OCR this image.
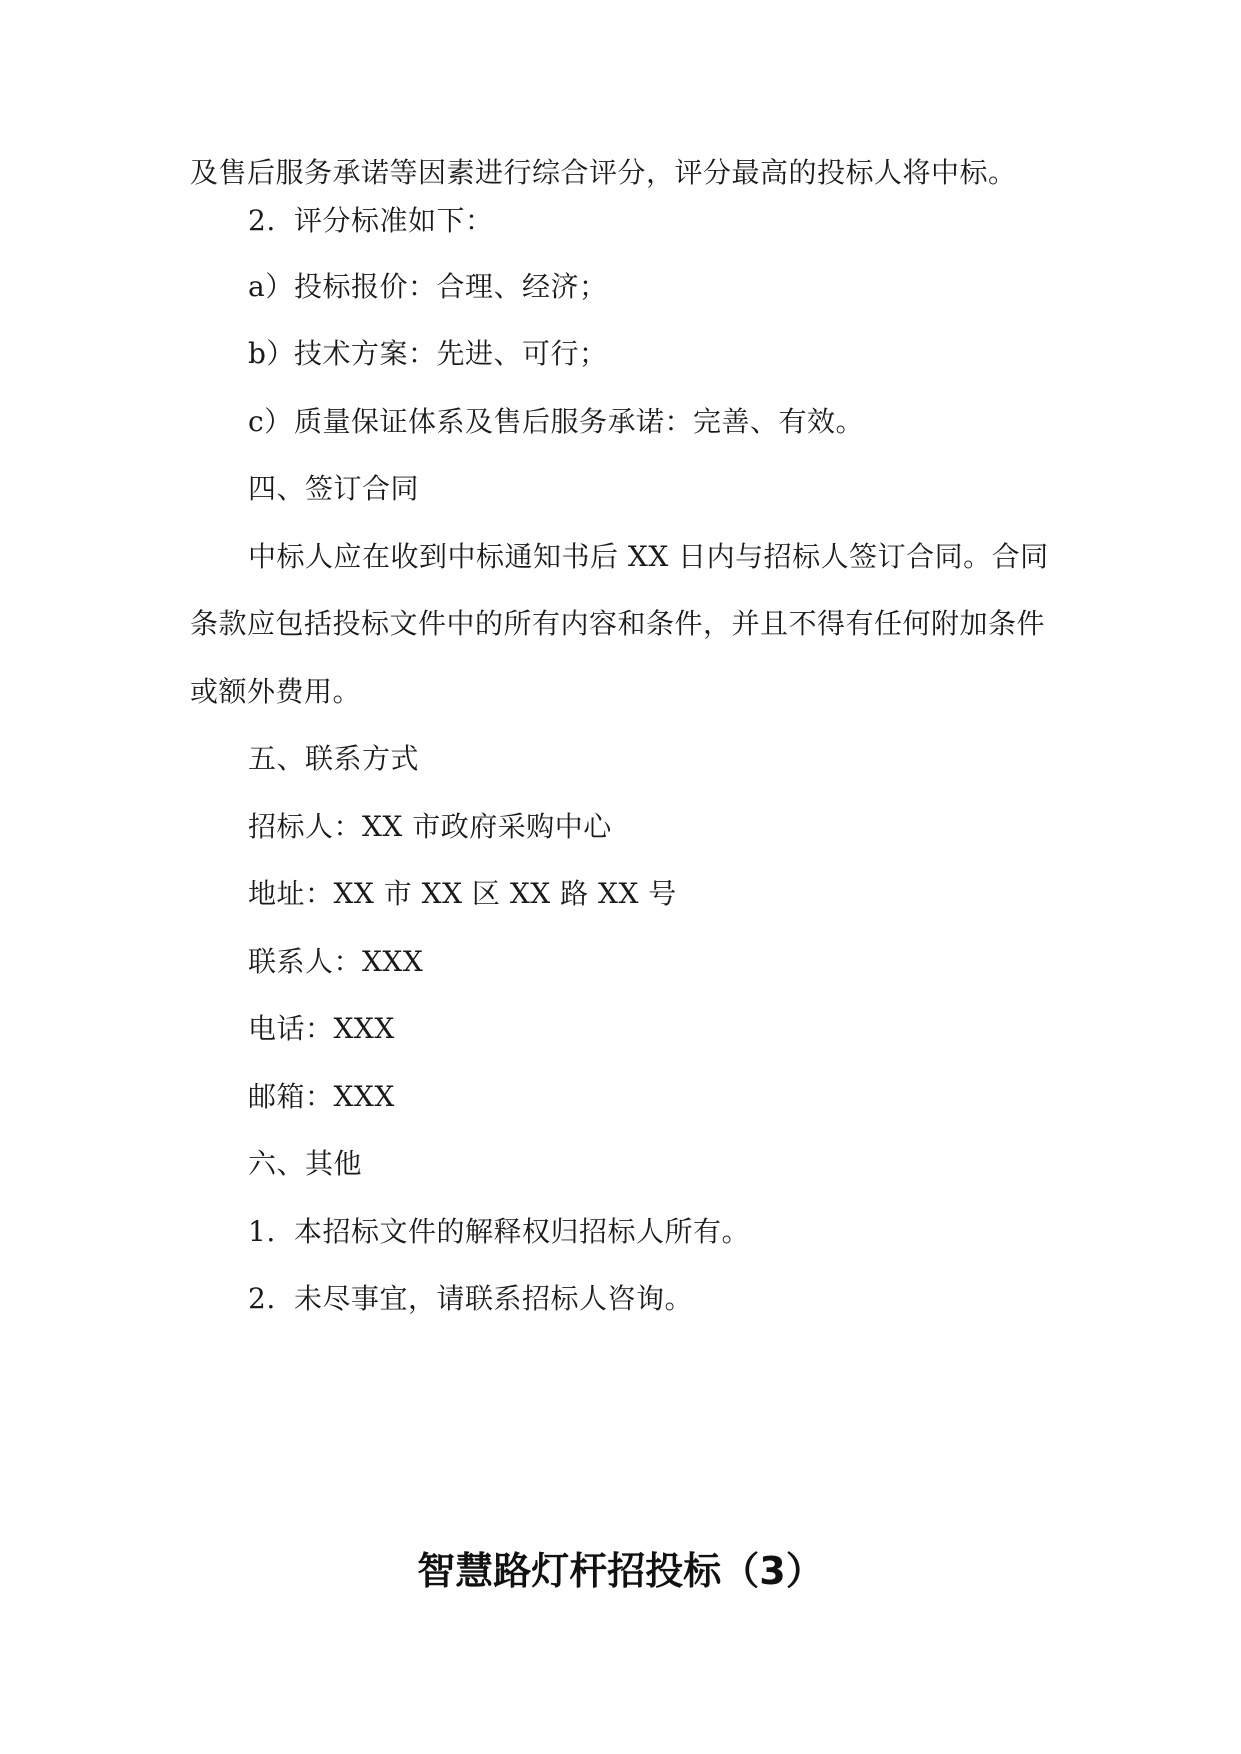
及售后服务承诺等因素进行综合评分，评分最高的投标人将中标。
2. 评分标准如下：
a）投标报价：合理、经济；
b）技术方案：先进、可行；
c）质量保证体系及售后服务承诺：完善、有效。
四、签订合同
中标人应在收到中标通知书后 XX 日内与招标人签订合同。合同
条款应包括投标文件中的所有内容和条件，并且不得有任何附加条件
或额外费用。
五、联系方式
招标人：XX 市政府采购中心
地址：XX 市 XX 区 XX 路 XX 号
联系人：XXX
电话：XXX
邮箱：XXX
六、其他
1. 本招标文件的解释权归招标人所有。
2. 未尽事宜，请联系招标人咨询。
智慧路灯杆招投标（3）
